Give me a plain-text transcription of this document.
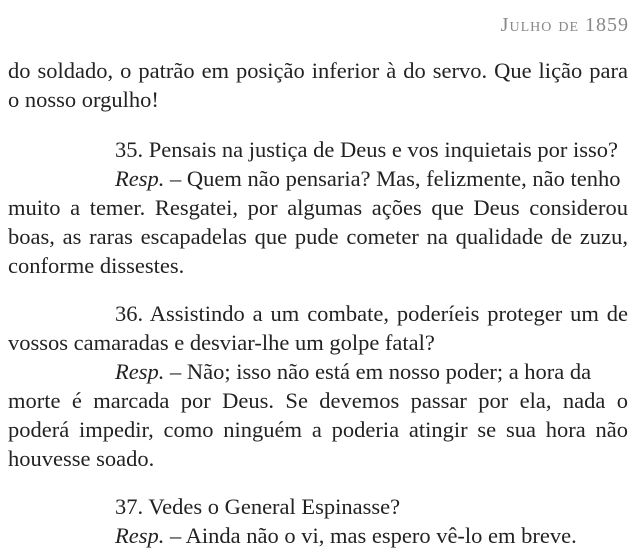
Julho de 1859
do soldado, o patrão em posição inferior à do servo. Que lição para
o nosso orgulho!
35. Pensais na justiça de Deus e vos inquietais por isso?
Resp. – Quem não pensaria? Mas, felizmente, não tenho
muito a temer. Resgatei, por algumas ações que Deus considerou
boas, as raras escapadelas que pude cometer na qualidade de zuzu,
conforme dissestes.
36. Assistindo a um combate, poderíeis proteger um de
vossos camaradas e desviar-lhe um golpe fatal?
Resp. – Não; isso não está em nosso poder; a hora da
morte é marcada por Deus. Se devemos passar por ela, nada o
poderá impedir, como ninguém a poderia atingir se sua hora não
houvesse soado.
37. Vedes o General Espinasse?
Resp. – Ainda não o vi, mas espero vê-lo em breve.
